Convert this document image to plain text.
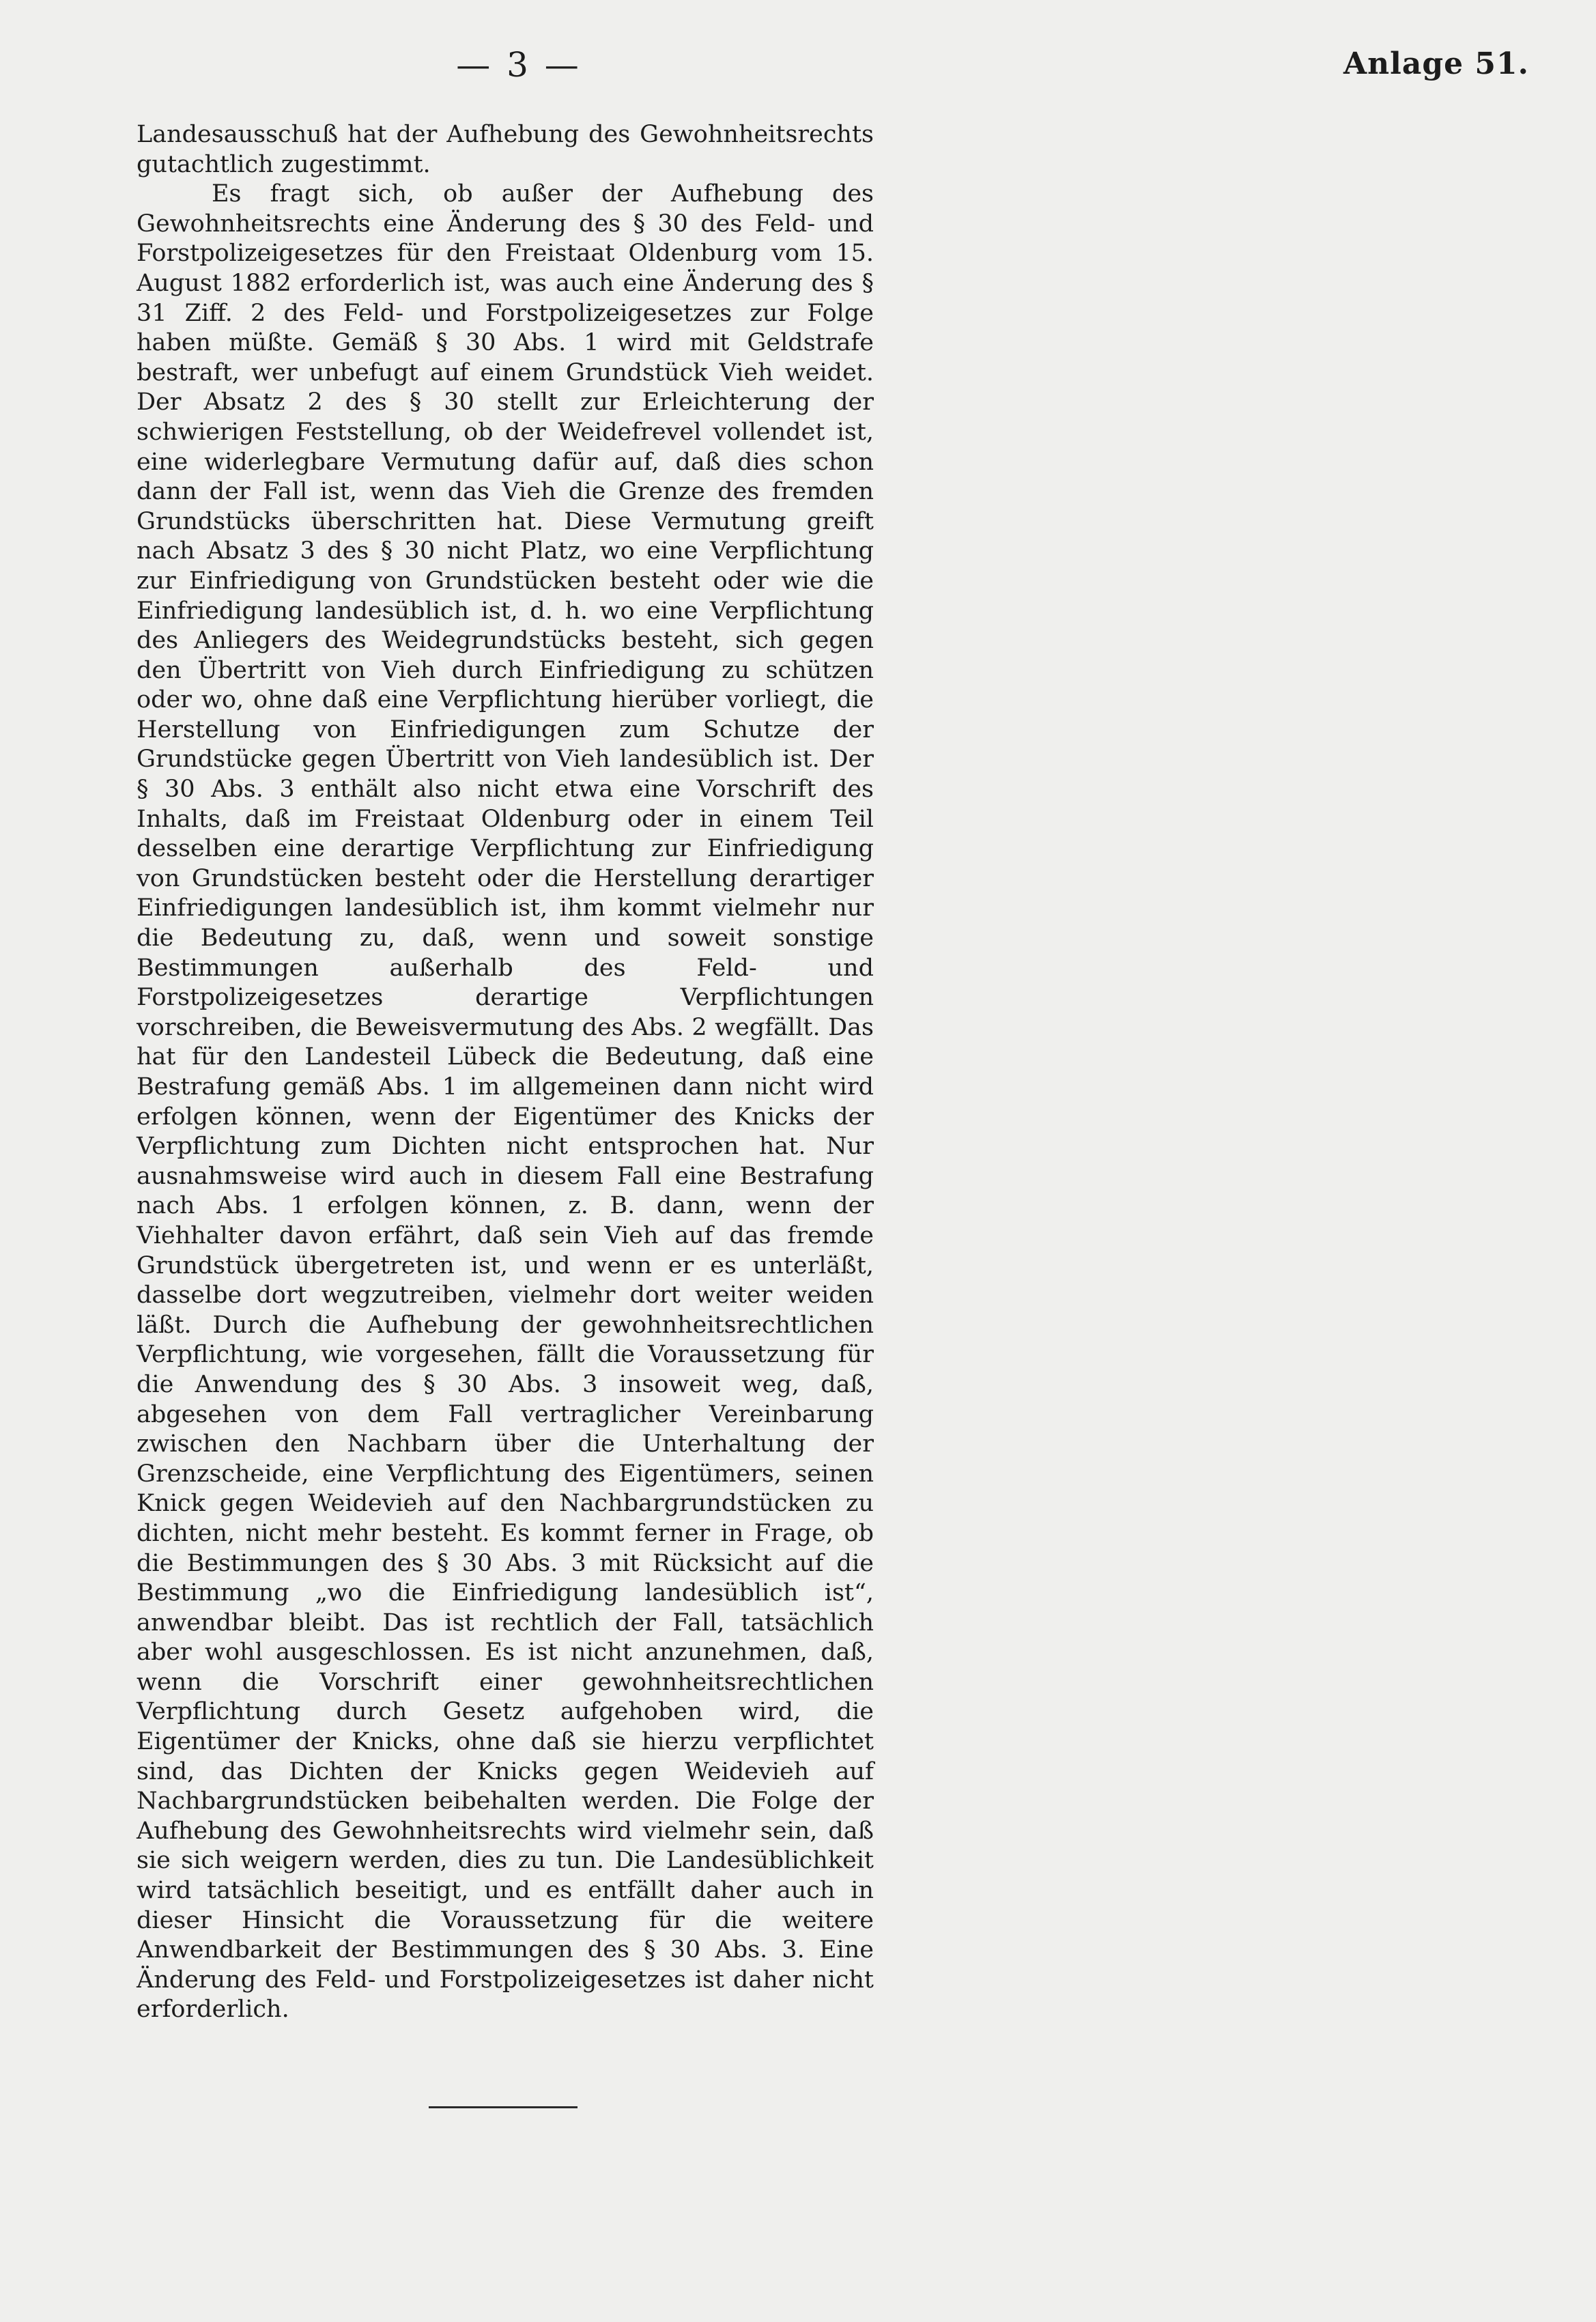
— 3 —	Anlage 51.

Landesausschuß hat der Aufhebung des Gewohnheitsrechts gutachtlich zugestimmt.

Es fragt sich, ob außer der Aufhebung des Gewohnheitsrechts eine Änderung des § 30 des Feld- und Forstpolizeigesetzes für den Freistaat Oldenburg vom 15. August 1882 erforderlich ist, was auch eine Änderung des § 31 Ziff. 2 des Feld- und Forstpolizeigesetzes zur Folge haben müßte. Gemäß § 30 Abs. 1 wird mit Geldstrafe bestraft, wer unbefugt auf einem Grundstück Vieh weidet. Der Absatz 2 des § 30 stellt zur Erleichterung der schwierigen Feststellung, ob der Weidefrevel vollendet ist, eine widerlegbare Vermutung dafür auf, daß dies schon dann der Fall ist, wenn das Vieh die Grenze des fremden Grundstücks überschritten hat. Diese Vermutung greift nach Absatz 3 des § 30 nicht Platz, wo eine Verpflichtung zur Einfriedigung von Grundstücken besteht oder wie die Einfriedigung landesüblich ist, d. h. wo eine Verpflichtung des Anliegers des Weidegrundstücks besteht, sich gegen den Übertritt von Vieh durch Einfriedigung zu schützen oder wo, ohne daß eine Verpflichtung hierüber vorliegt, die Herstellung von Einfriedigungen zum Schutze der Grundstücke gegen Übertritt von Vieh landesüblich ist. Der § 30 Abs. 3 enthält also nicht etwa eine Vorschrift des Inhalts, daß im Freistaat Oldenburg oder in einem Teil desselben eine derartige Verpflichtung zur Einfriedigung von Grundstücken besteht oder die Herstellung derartiger Einfriedigungen landesüblich ist, ihm kommt vielmehr nur die Bedeutung zu, daß, wenn und soweit sonstige Bestimmungen außerhalb des Feld- und Forstpolizeigesetzes derartige Verpflichtungen vorschreiben, die Beweisvermutung des Abs. 2 wegfällt. Das hat für den Landesteil Lübeck die Bedeutung, daß eine Bestrafung gemäß Abs. 1 im allgemeinen dann nicht wird erfolgen können, wenn der Eigentümer des Knicks der Verpflichtung zum Dichten nicht entsprochen hat. Nur ausnahmsweise wird auch in diesem Fall eine Bestrafung nach Abs. 1 erfolgen können, z. B. dann, wenn der Viehhalter davon erfährt, daß sein Vieh auf das fremde Grundstück übergetreten ist, und wenn er es unterläßt, dasselbe dort wegzutreiben, vielmehr dort weiter weiden läßt. Durch die Aufhebung der gewohnheitsrechtlichen Verpflichtung, wie vorgesehen, fällt die Voraussetzung für die Anwendung des § 30 Abs. 3 insoweit weg, daß, abgesehen von dem Fall vertraglicher Vereinbarung zwischen den Nachbarn über die Unterhaltung der Grenzscheide, eine Verpflichtung des Eigentümers, seinen Knick gegen Weidevieh auf den Nachbargrundstücken zu dichten, nicht mehr besteht. Es kommt ferner in Frage, ob die Bestimmungen des § 30 Abs. 3 mit Rücksicht auf die Bestimmung „wo die Einfriedigung landesüblich ist“, anwendbar bleibt. Das ist rechtlich der Fall, tatsächlich aber wohl ausgeschlossen. Es ist nicht anzunehmen, daß, wenn die Vorschrift einer gewohnheitsrechtlichen Verpflichtung durch Gesetz aufgehoben wird, die Eigentümer der Knicks, ohne daß sie hierzu verpflichtet sind, das Dichten der Knicks gegen Weidevieh auf Nachbargrundstücken beibehalten werden. Die Folge der Aufhebung des Gewohnheitsrechts wird vielmehr sein, daß sie sich weigern werden, dies zu tun. Die Landesüblichkeit wird tatsächlich beseitigt, und es entfällt daher auch in dieser Hinsicht die Voraussetzung für die weitere Anwendbarkeit der Bestimmungen des § 30 Abs. 3. Eine Änderung des Feld- und Forstpolizeigesetzes ist daher nicht erforderlich.
